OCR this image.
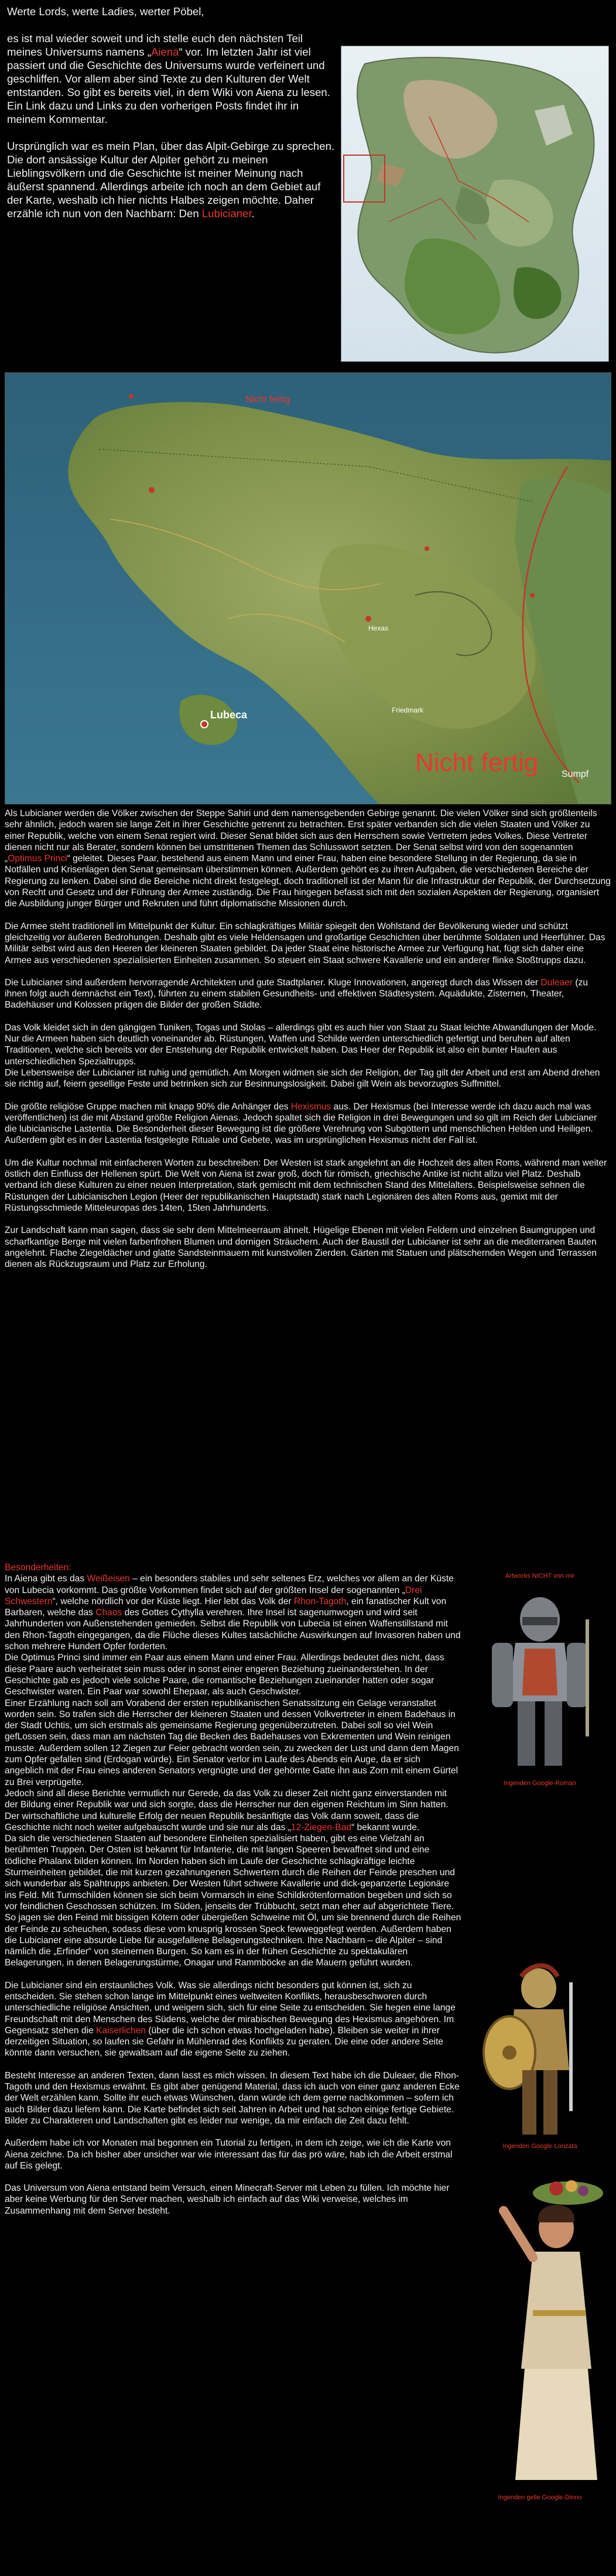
Werte Lords, werte Ladies, werter Pöbel,

es ist mal wieder soweit und ich stelle euch den nächsten Teil meines Universums namens „Aiena“ vor. Im letzten Jahr ist viel passiert und die Geschichte des Universums wurde verfeinert und geschliffen. Vor allem aber sind Texte zu den Kulturen der Welt entstanden. So gibt es bereits viel, in dem Wiki von Aiena zu lesen. Ein Link dazu und Links zu den vorherigen Posts findet ihr in meinem Kommentar.

Ursprünglich war es mein Plan, über das Alpit-Gebirge zu sprechen. Die dort ansässige Kultur der Alpiter gehört zu meinen Lieblingsvölkern und die Geschichte ist meiner Meinung nach äußerst spannend. Allerdings arbeite ich noch an dem Gebiet auf der Karte, weshalb ich hier nichts Halbes zeigen möchte. Daher erzähle ich nun von den Nachbarn: Den Lubicianer.

Nicht fertig
Lubeca
Hexas
Friedmark
Nicht fertig Sumpf

Als Lubicianer werden die Völker zwischen der Steppe Sahiri und dem namensgebenden Gebirge genannt. Die vielen Völker sind sich größtenteils sehr ähnlich, jedoch waren sie lange Zeit in ihrer Geschichte getrennt zu betrachten. Erst später verbanden sich die vielen Staaten und Völker zu einer Republik, welche von einem Senat regiert wird. Dieser Senat bildet sich aus den Herrschern sowie Vertretern jedes Volkes. Diese Vertreter dienen nicht nur als Berater, sondern können bei umstrittenen Themen das Schlusswort setzten. Der Senat selbst wird von den sogenannten „Optimus Princi“ geleitet. Dieses Paar, bestehend aus einem Mann und einer Frau, haben eine besondere Stellung in der Regierung, da sie in Notfällen und Krisenlagen den Senat gemeinsam überstimmen können. Außerdem gehört es zu ihren Aufgaben, die verschiedenen Bereiche der Regierung zu lenken. Dabei sind die Bereiche nicht direkt festgelegt, doch traditionell ist der Mann für die Infrastruktur der Republik, der Durchsetzung von Recht und Gesetz und der Führung der Armee zuständig. Die Frau hingegen befasst sich mit den sozialen Aspekten der Regierung, organisiert die Ausbildung junger Bürger und Rekruten und führt diplomatische Missionen durch.

Die Armee steht traditionell im Mittelpunkt der Kultur. Ein schlagkräftiges Militär spiegelt den Wohlstand der Bevölkerung wieder und schützt gleichzeitig vor äußeren Bedrohungen. Deshalb gibt es viele Heldensagen und großartige Geschichten über berühmte Soldaten und Heerführer. Das Militär selbst wird aus den Heeren der kleineren Staaten gebildet. Da jeder Staat eine historische Armee zur Verfügung hat, fügt sich daher eine Armee aus verschiedenen spezialisierten Einheiten zusammen. So steuert ein Staat schwere Kavallerie und ein anderer flinke Stoßtrupps dazu.

Die Lubicianer sind außerdem hervorragende Architekten und gute Stadtplaner. Kluge Innovationen, angeregt durch das Wissen der Duleaer (zu ihnen folgt auch demnächst ein Text), führten zu einem stabilen Gesundheits- und effektiven Städtesystem. Aquädukte, Zisternen, Theater, Badehäuser und Kolossen prägen die Bilder der großen Städte.

Das Volk kleidet sich in den gängigen Tuniken, Togas und Stolas – allerdings gibt es auch hier von Staat zu Staat leichte Abwandlungen der Mode. Nur die Armeen haben sich deutlich voneinander ab. Rüstungen, Waffen und Schilde werden unterschiedlich gefertigt und beruhen auf alten Traditionen, welche sich bereits vor der Entstehung der Republik entwickelt haben. Das Heer der Republik ist also ein bunter Haufen aus unterschiedlichen Spezialtrupps.

Die Lebensweise der Lubicianer ist ruhig und gemütlich. Am Morgen widmen sie sich der Religion, der Tag gilt der Arbeit und erst am Abend drehen sie richtig auf, feiern gesellige Feste und betrinken sich zur Besinnungslosigkeit. Dabei gilt Wein als bevorzugtes Suffmittel.

Die größte religiöse Gruppe machen mit knapp 90% die Anhänger des Hexismus aus. Der Hexismus (bei Interesse werde ich dazu auch mal was veröffentlichen) ist die mit Abstand größte Religion Aienas. Jedoch spaltet sich die Religion in drei Bewegungen und so gilt im Reich der Lubicianer die lubicianische Lastentia. Die Besonderheit dieser Bewegung ist die größere Verehrung von Subgöttern und menschlichen Helden und Heiligen. Außerdem gibt es in der Lastentia festgelegte Rituale und Gebete, was im ursprünglichen Hexismus nicht der Fall ist.

Um die Kultur nochmal mit einfacheren Worten zu beschreiben: Der Westen ist stark angelehnt an die Hochzeit des alten Roms, während man weiter östlich den Einfluss der Hellenen spürt. Die Welt von Aiena ist zwar groß, doch für römisch, griechische Antike ist nicht allzu viel Platz. Deshalb verband ich diese Kulturen zu einer neuen Interpretation, stark gemischt mit dem technischen Stand des Mittelalters. Beispielsweise sehnen die Rüstungen der Lubicianischen Legion (Heer der republikanischen Hauptstadt) stark nach Legionären des alten Roms aus, gemixt mit der Rüstungsschmiede Mitteleuropas des 14ten, 15ten Jahrhunderts.

Zur Landschaft kann man sagen, dass sie sehr dem Mittelmeerraum ähnelt. Hügelige Ebenen mit vielen Feldern und einzelnen Baumgruppen und scharfkantige Berge mit vielen farbenfrohen Blumen und dornigen Sträuchern. Auch der Baustil der Lubicianer ist sehr an die mediterranen Bauten angelehnt. Flache Ziegeldächer und glatte Sandsteinmauern mit kunstvollen Zierden. Gärten mit Statuen und plätschernden Wegen und Terrassen dienen als Rückzugsraum und Platz zur Erholung.

Besonderheiten:

In Aiena gibt es das Weißeisen – ein besonders stabiles und sehr seltenes Erz, welches vor allem an der Küste von Lubecia vorkommt. Das größte Vorkommen findet sich auf der größten Insel der sogenannten „Drei Schwestern“, welche nördlich vor der Küste liegt. Hier lebt das Volk der Rhon-Tagoth, ein fanatischer Kult von Barbaren, welche das Chaos des Gottes Cythylla verehren. Ihre Insel ist sagenumwogen und wird seit Jahrhunderten von Außenstehenden gemieden. Selbst die Republik von Lubecia ist einen Waffenstillstand mit den Rhon-Tagoth eingegangen, da die Flüche dieses Kultes tatsächliche Auswirkungen auf Invasoren haben und schon mehrere Hundert Opfer forderten.

Die Optimus Princi sind immer ein Paar aus einem Mann und einer Frau. Allerdings bedeutet dies nicht, dass diese Paare auch verheiratet sein muss oder in sonst einer engeren Beziehung zueinanderstehen. In der Geschichte gab es jedoch viele solche Paare, die romantische Beziehungen zueinander hatten oder sogar Geschwister waren. Ein Paar war sowohl Ehepaar, als auch Geschwister.

Einer Erzählung nach soll am Vorabend der ersten republikanischen Senatssitzung ein Gelage veranstaltet worden sein. So trafen sich die Herrscher der kleineren Staaten und dessen Volkvertreter in einem Badehaus in der Stadt Uchtis, um sich erstmals als gemeinsame Regierung gegenüberzutreten. Dabei soll so viel Wein gefLossen sein, dass man am nächsten Tag die Becken des Badehauses von Exkrementen und Wein reinigen musste. Außerdem sollen 12 Ziegen zur Feier gebracht worden sein, zu zwecken der Lust und dann dem Magen zum Opfer gefallen sind (Erdogan würde). Ein Senator verlor im Laufe des Abends ein Auge, da er sich angeblich mit der Frau eines anderen Senators vergnügte und der gehörnte Gatte ihn aus Zorn mit einem Gürtel zu Brei verprügelte.

Jedoch sind all diese Berichte vermutlich nur Gerede, da das Volk zu dieser Zeit nicht ganz einverstanden mit der Bildung einer Republik war und sich sorgte, dass die Herrscher nur den eigenen Reichtum im Sinn hatten. Der wirtschaftliche und kulturelle Erfolg der neuen Republik besänftigte das Volk dann soweit, dass die Geschichte nicht noch weiter aufgebauscht wurde und sie nur als das „12-Ziegen-Bad“ bekannt wurde.

Da sich die verschiedenen Staaten auf besondere Einheiten spezialisiert haben, gibt es eine Vielzahl an berühmten Truppen. Der Osten ist bekannt für Infanterie, die mit langen Speeren bewaffnet sind und eine tödliche Phalanx bilden können. Im Norden haben sich im Laufe der Geschichte schlagkräftige leichte Sturmeinheiten gebildet, die mit kurzen gezahnungenen Schwertern durch die Reihen der Feinde preschen und sich wunderbar als Spähtrupps anbieten. Der Westen führt schwere Kavallerie und dick-gepanzerte Legionäre ins Feld. Mit Turmschilden können sie sich beim Vormarsch in eine Schildkrötenformation begeben und sich so vor feindlichen Geschossen schützen. Im Süden, jenseits der Trübbucht, setzt man eher auf abgerichtete Tiere. So jagen sie den Feind mit bissigen Kötern oder übergießen Schweine mit Öl, um sie brennend durch die Reihen der Feinde zu scheuchen, sodass diese vom knusprig krossen Speck fewweggefegt werden. Außerdem haben die Lubicianer eine absurde Liebe für ausgefallene Belagerungstechniken. Ihre Nachbarn – die Alpiter – sind nämlich die „Erfinder“ von steinernen Burgen. So kam es in der frühen Geschichte zu spektakulären Belagerungen, in denen Belagerungstürme, Onagar und Rammböcke an die Mauern geführt wurden.

Die Lubicianer sind ein erstaunliches Volk. Was sie allerdings nicht besonders gut können ist, sich zu entscheiden. Sie stehen schon lange im Mittelpunkt eines weltweiten Konflikts, herausbeschworen durch unterschiedliche religiöse Ansichten, und weigern sich, sich für eine Seite zu entscheiden. Sie hegen eine lange Freundschaft mit den Menschen des Südens, welche der mirabischen Bewegung des Hexismus angehören. Im Gegensatz stehen die Kaiserlichen (über die ich schon etwas hochgeladen habe). Bleiben sie weiter in ihrer derzeitigen Situation, so laufen sie Gefahr in Mühlenrad des Konflikts zu geraten. Die eine oder andere Seite könnte dann versuchen, sie gewaltsam auf die eigene Seite zu ziehen.

Besteht Interesse an anderen Texten, dann lasst es mich wissen. In diesem Text habe ich die Duleaer, die Rhon-Tagoth und den Hexismus erwähnt. Es gibt aber genügend Material, dass ich auch von einer ganz anderen Ecke der Welt erzählen kann. Sollte ihr euch etwas Wünschen, dann würde ich dem gerne nachkommen – sofern ich auch Bilder dazu liefern kann. Die Karte befindet sich seit Jahren in Arbeit und hat schon einige fertige Gebiete. Bilder zu Charakteren und Landschaften gibt es leider nur wenige, da mir einfach die Zeit dazu fehlt.

Außerdem habe ich vor Monaten mal begonnen ein Tutorial zu fertigen, in dem ich zeige, wie ich die Karte von Aiena zeichne. Da ich bisher aber unsicher war wie interessant das für das prö wäre, hab ich die Arbeit erstmal auf Eis gelegt.

Das Universum von Aiena entstand beim Versuch, einen Minecraft-Server mit Leben zu füllen. Ich möchte hier aber keine Werbung für den Server machen, weshalb ich einfach auf das Wiki verweise, welches im Zusammenhang mit dem Server besteht.

Artworks NICHT von mir
Ingenden Google-Roman
Ingenden Google-Lonzata
Ingenden gelle Google-Dinno
